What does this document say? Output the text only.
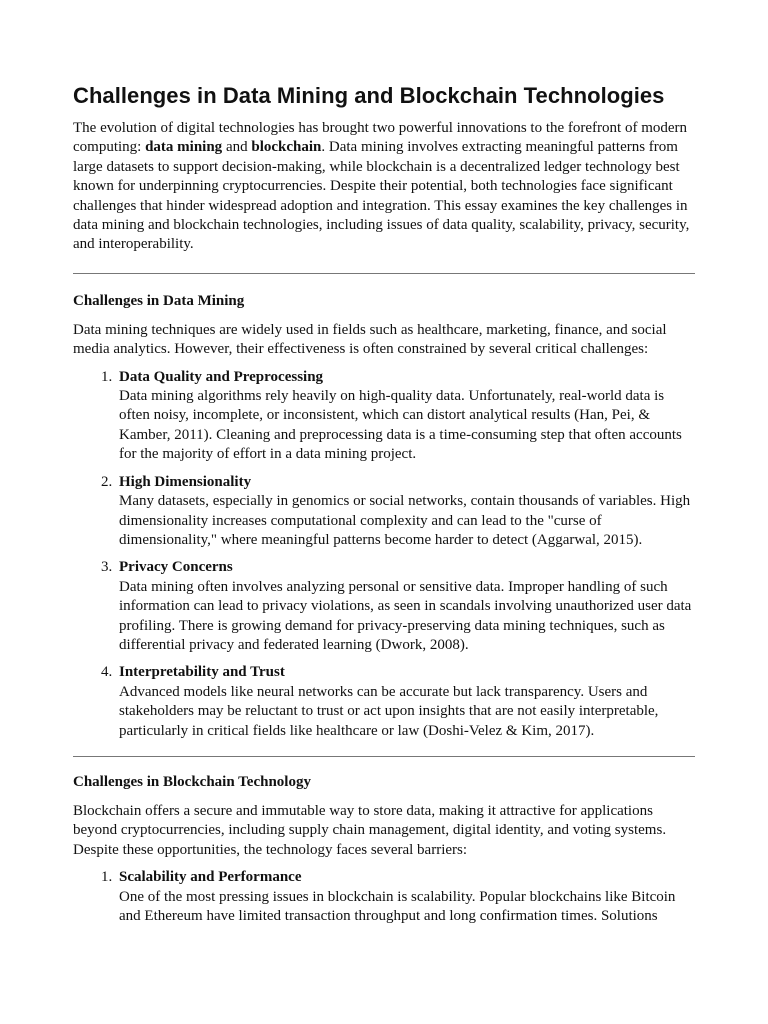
Challenges in Data Mining and Blockchain Technologies

The evolution of digital technologies has brought two powerful innovations to the forefront of modern computing: data mining and blockchain. Data mining involves extracting meaningful patterns from large datasets to support decision-making, while blockchain is a decentralized ledger technology best known for underpinning cryptocurrencies. Despite their potential, both technologies face significant challenges that hinder widespread adoption and integration. This essay examines the key challenges in data mining and blockchain technologies, including issues of data quality, scalability, privacy, security, and interoperability.

Challenges in Data Mining

Data mining techniques are widely used in fields such as healthcare, marketing, finance, and social media analytics. However, their effectiveness is often constrained by several critical challenges:

1. Data Quality and Preprocessing
Data mining algorithms rely heavily on high-quality data. Unfortunately, real-world data is often noisy, incomplete, or inconsistent, which can distort analytical results (Han, Pei, & Kamber, 2011). Cleaning and preprocessing data is a time-consuming step that often accounts for the majority of effort in a data mining project.
2. High Dimensionality
Many datasets, especially in genomics or social networks, contain thousands of variables. High dimensionality increases computational complexity and can lead to the "curse of dimensionality," where meaningful patterns become harder to detect (Aggarwal, 2015).
3. Privacy Concerns
Data mining often involves analyzing personal or sensitive data. Improper handling of such information can lead to privacy violations, as seen in scandals involving unauthorized user data profiling. There is growing demand for privacy-preserving data mining techniques, such as differential privacy and federated learning (Dwork, 2008).
4. Interpretability and Trust
Advanced models like neural networks can be accurate but lack transparency. Users and stakeholders may be reluctant to trust or act upon insights that are not easily interpretable, particularly in critical fields like healthcare or law (Doshi-Velez & Kim, 2017).
Challenges in Blockchain Technology

Blockchain offers a secure and immutable way to store data, making it attractive for applications beyond cryptocurrencies, including supply chain management, digital identity, and voting systems. Despite these opportunities, the technology faces several barriers:

1. Scalability and Performance
One of the most pressing issues in blockchain is scalability. Popular blockchains like Bitcoin and Ethereum have limited transaction throughput and long confirmation times. Solutions
